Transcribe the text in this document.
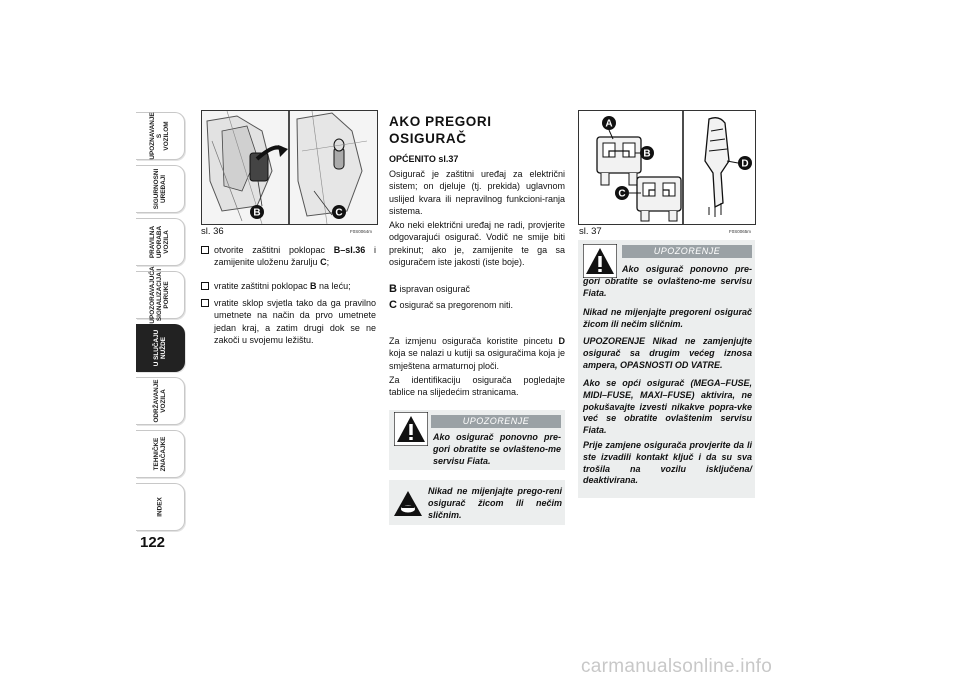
UPOZNAVANJE
S
VOZILOM
SIGURNOSNI
UREĐAJI
PRAVILNA
UPORABA
VOZILA
UPOZORAVAJUĆA
SIGNALIZACIJA I
PORUKE
U SLUČAJU
NUŽDE
ODRŽAVANJE
VOZILA
TEHNIČKE
ZNAČAJKE
INDEX
122
B	C
sl. 36	F0S0064m
otvorite zaštitni poklopac B–sl.36 i zamijenite uloženu žarulju C;
vratite zaštitni poklopac B na leću;
vratite sklop svjetla tako da ga pravilno umetnete na način da prvo umetnete jedan kraj, a zatim drugi dok se ne zakoči u svojemu ležištu.
AKO PREGORI
OSIGURAČ
OPĆENITO sl.37
Osigurač je zaštitni uređaj za električni sistem; on djeluje (tj. prekida) uglavnom uslijed kvara ili nepravilnog funkcioni-ranja sistema.
Ako neki električni uređaj ne radi, provjerite odgovarajući osigurač. Vodič ne smije biti prekinut; ako je, zamijenite te ga sa osiguračem iste jakosti (iste boje).
B ispravan osigurač
C osigurač sa pregorenom niti.
Za izmjenu osigurača koristite pincetu D koja se nalazi u kutiji sa osiguračima koja je smještena armaturnoj ploči.
Za identifikaciju osigurača pogledajte tablice na slijedećim stranicama.
UPOZORENJE
Ako osigurač ponovno pre-gori obratite se ovlašteno-me servisu Fiata.
Nikad ne mijenjajte prego-reni osigurač žicom ili nečim sličnim.
A
B
C
D
sl. 37	F0S0065m
UPOZORENJE
Ako osigurač ponovno pre-gori obratite se ovlašteno-me servisu Fiata.
Nikad ne mijenjajte pregoreni osigurač žicom ili nečim sličnim.
UPOZORENJE Nikad ne zamjenjujte osigurač sa drugim većeg iznosa ampera, OPASNOSTI OD VATRE.
Ako se opći osigurač (MEGA–FUSE, MIDI–FUSE, MAXI–FUSE) aktivira, ne pokušavajte izvesti nikakve popra-vke već se obratite ovlaštenim servisu Fiata.
Prije zamjene osigurača provjerite da li ste izvadili kontakt ključ i da su sva trošila na vozilu isključena/ deaktivirana.
carmanualsonline.info
